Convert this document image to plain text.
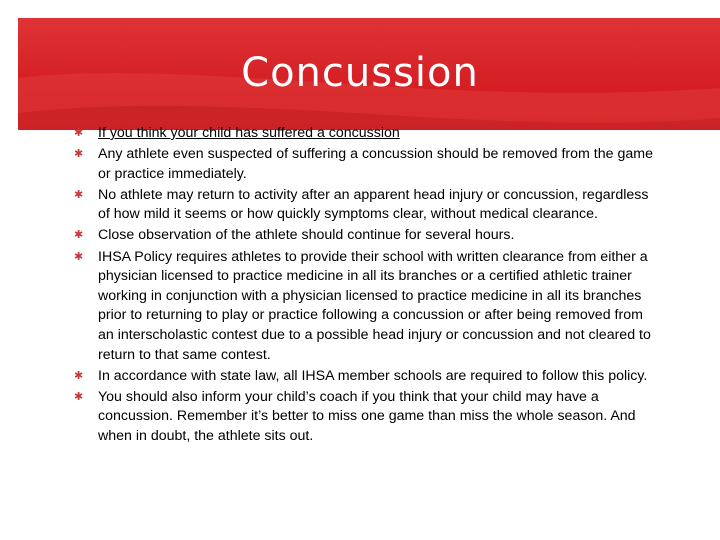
Concussion
✱ If you think your child has suffered a concussion
✱ Any athlete even suspected of suffering a concussion should be removed from the game or practice immediately.
✱ No athlete may return to activity after an apparent head injury or concussion, regardless of how mild it seems or how quickly symptoms clear, without medical clearance.
✱ Close observation of the athlete should continue for several hours.
✱ IHSA Policy requires athletes to provide their school with written clearance from either a physician licensed to practice medicine in all its branches or a certified athletic trainer working in conjunction with a physician licensed to practice medicine in all its branches prior to returning to play or practice following a concussion or after being removed from an interscholastic contest due to a possible head injury or concussion and not cleared to return to that same contest.
✱ In accordance with state law, all IHSA member schools are required to follow this policy.
✱ You should also inform your child’s coach if you think that your child may have a concussion. Remember it’s better to miss one game than miss the whole season. And when in doubt, the athlete sits out.
